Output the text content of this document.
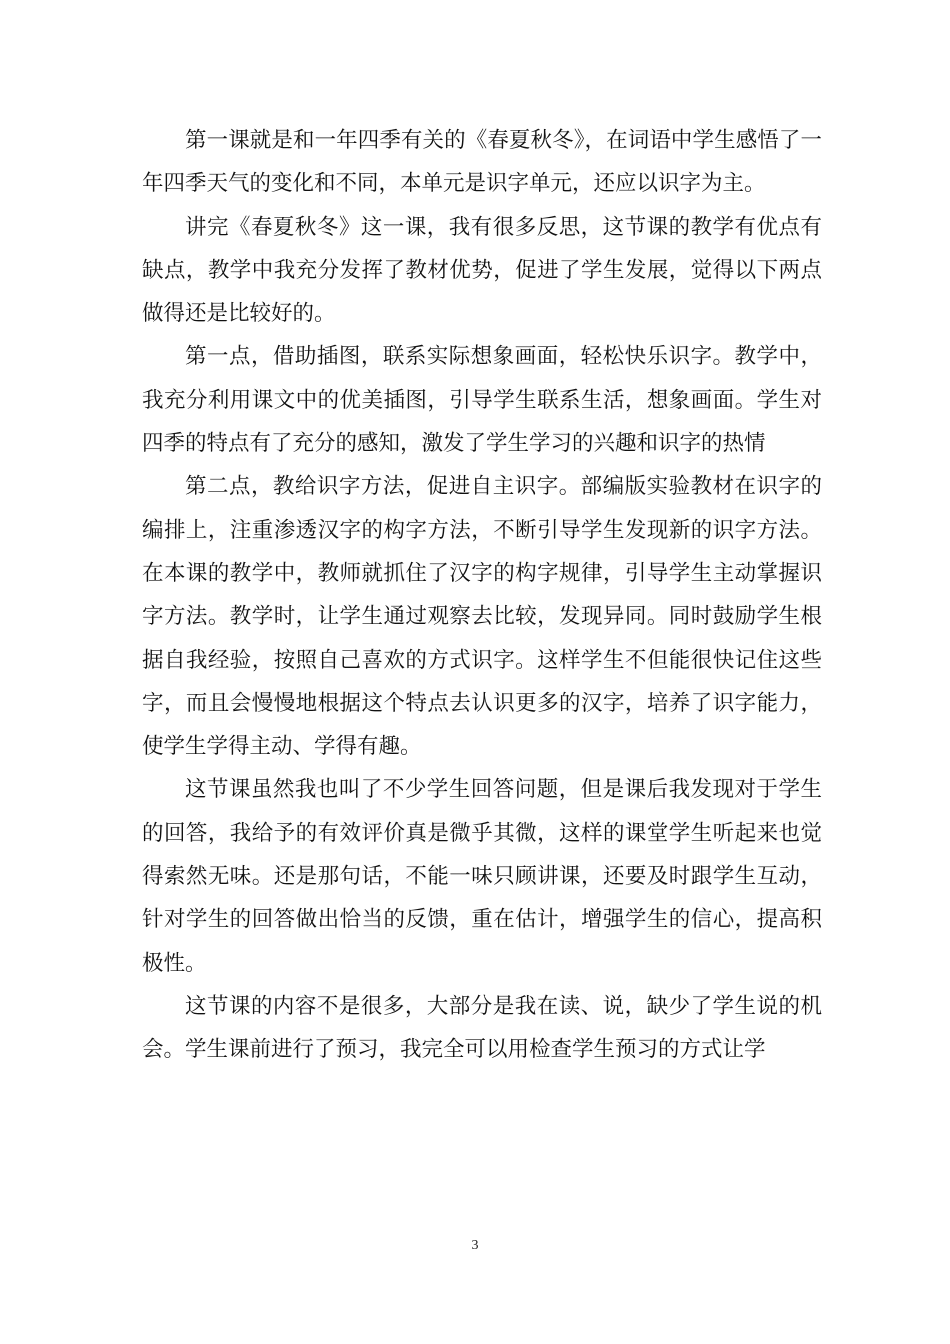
第一课就是和一年四季有关的《春夏秋冬》，在词语中学生感悟了一年四季天气的变化和不同，本单元是识字单元，还应以识字为主。

讲完《春夏秋冬》这一课，我有很多反思，这节课的教学有优点有缺点，教学中我充分发挥了教材优势，促进了学生发展，觉得以下两点做得还是比较好的。

第一点，借助插图，联系实际想象画面，轻松快乐识字。教学中，我充分利用课文中的优美插图，引导学生联系生活，想象画面。学生对四季的特点有了充分的感知，激发了学生学习的兴趣和识字的热情

第二点，教给识字方法，促进自主识字。部编版实验教材在识字的编排上，注重渗透汉字的构字方法，不断引导学生发现新的识字方法。在本课的教学中，教师就抓住了汉字的构字规律，引导学生主动掌握识字方法。教学时，让学生通过观察去比较，发现异同。同时鼓励学生根据自我经验，按照自己喜欢的方式识字。这样学生不但能很快记住这些字，而且会慢慢地根据这个特点去认识更多的汉字，培养了识字能力，使学生学得主动、学得有趣。

这节课虽然我也叫了不少学生回答问题，但是课后我发现对于学生的回答，我给予的有效评价真是微乎其微，这样的课堂学生听起来也觉得索然无味。还是那句话，不能一味只顾讲课，还要及时跟学生互动，针对学生的回答做出恰当的反馈，重在估计，增强学生的信心，提高积极性。

这节课的内容不是很多，大部分是我在读、说，缺少了学生说的机会。学生课前进行了预习，我完全可以用检查学生预习的方式让学

3
